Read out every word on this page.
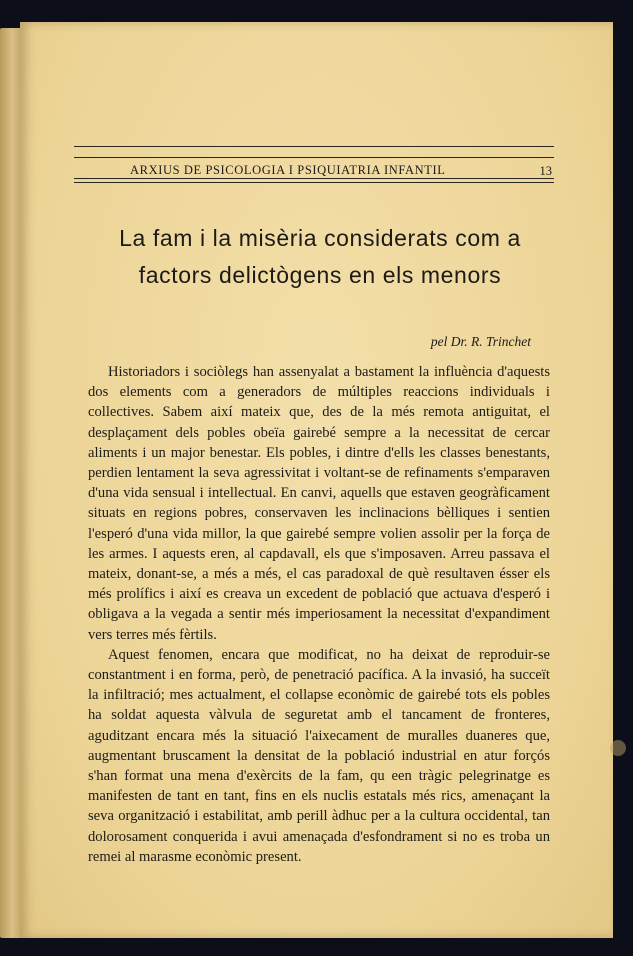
ARXIUS DE PSICOLOGIA I PSIQUIATRIA INFANTIL	13
La fam i la misèria considerats com a
factors delictògens en els menors
pel Dr. R. Trinchet

Historiadors i sociòlegs han assenyalat a bastament la influència d'aquests dos elements com a generadors de múltiples reaccions individuals i collectives. Sabem així mateix que, des de la més remota antiguitat, el desplaçament dels pobles obeïa gairebé sempre a la necessitat de cercar aliments i un major benestar. Els pobles, i dintre d'ells les classes benestants, perdien lentament la seva agressivitat i voltant-se de refinaments s'emparaven d'una vida sensual i intellectual. En canvi, aquells que estaven geogràficament situats en regions pobres, conservaven les inclinacions bèlliques i sentien l'esperó d'una vida millor, la que gairebé sempre volien assolir per la força de les armes. I aquests eren, al capdavall, els que s'imposaven. Arreu passava el mateix, donant-se, a més a més, el cas paradoxal de què resultaven ésser els més prolífics i així es creava un excedent de població que actuava d'esperó i obligava a la vegada a sentir més imperiosament la necessitat d'expandiment vers terres més fèrtils.

Aquest fenomen, encara que modificat, no ha deixat de reproduir-se constantment i en forma, però, de penetració pacífica. A la invasió, ha succeït la infiltració; mes actualment, el collapse econòmic de gairebé tots els pobles ha soldat aquesta vàlvula de seguretat amb el tancament de fronteres, aguditzant encara més la situació l'aixecament de muralles duaneres que, augmentant bruscament la densitat de la població industrial en atur forçós s'han format una mena d'exèrcits de la fam, qu een tràgic pelegrinatge es manifesten de tant en tant, fins en els nuclis estatals més rics, amenaçant la seva organització i estabilitat, amb perill àdhuc per a la cultura occidental, tan dolorosament conquerida i avui amenaçada d'esfondrament si no es troba un remei al marasme econòmic present.
